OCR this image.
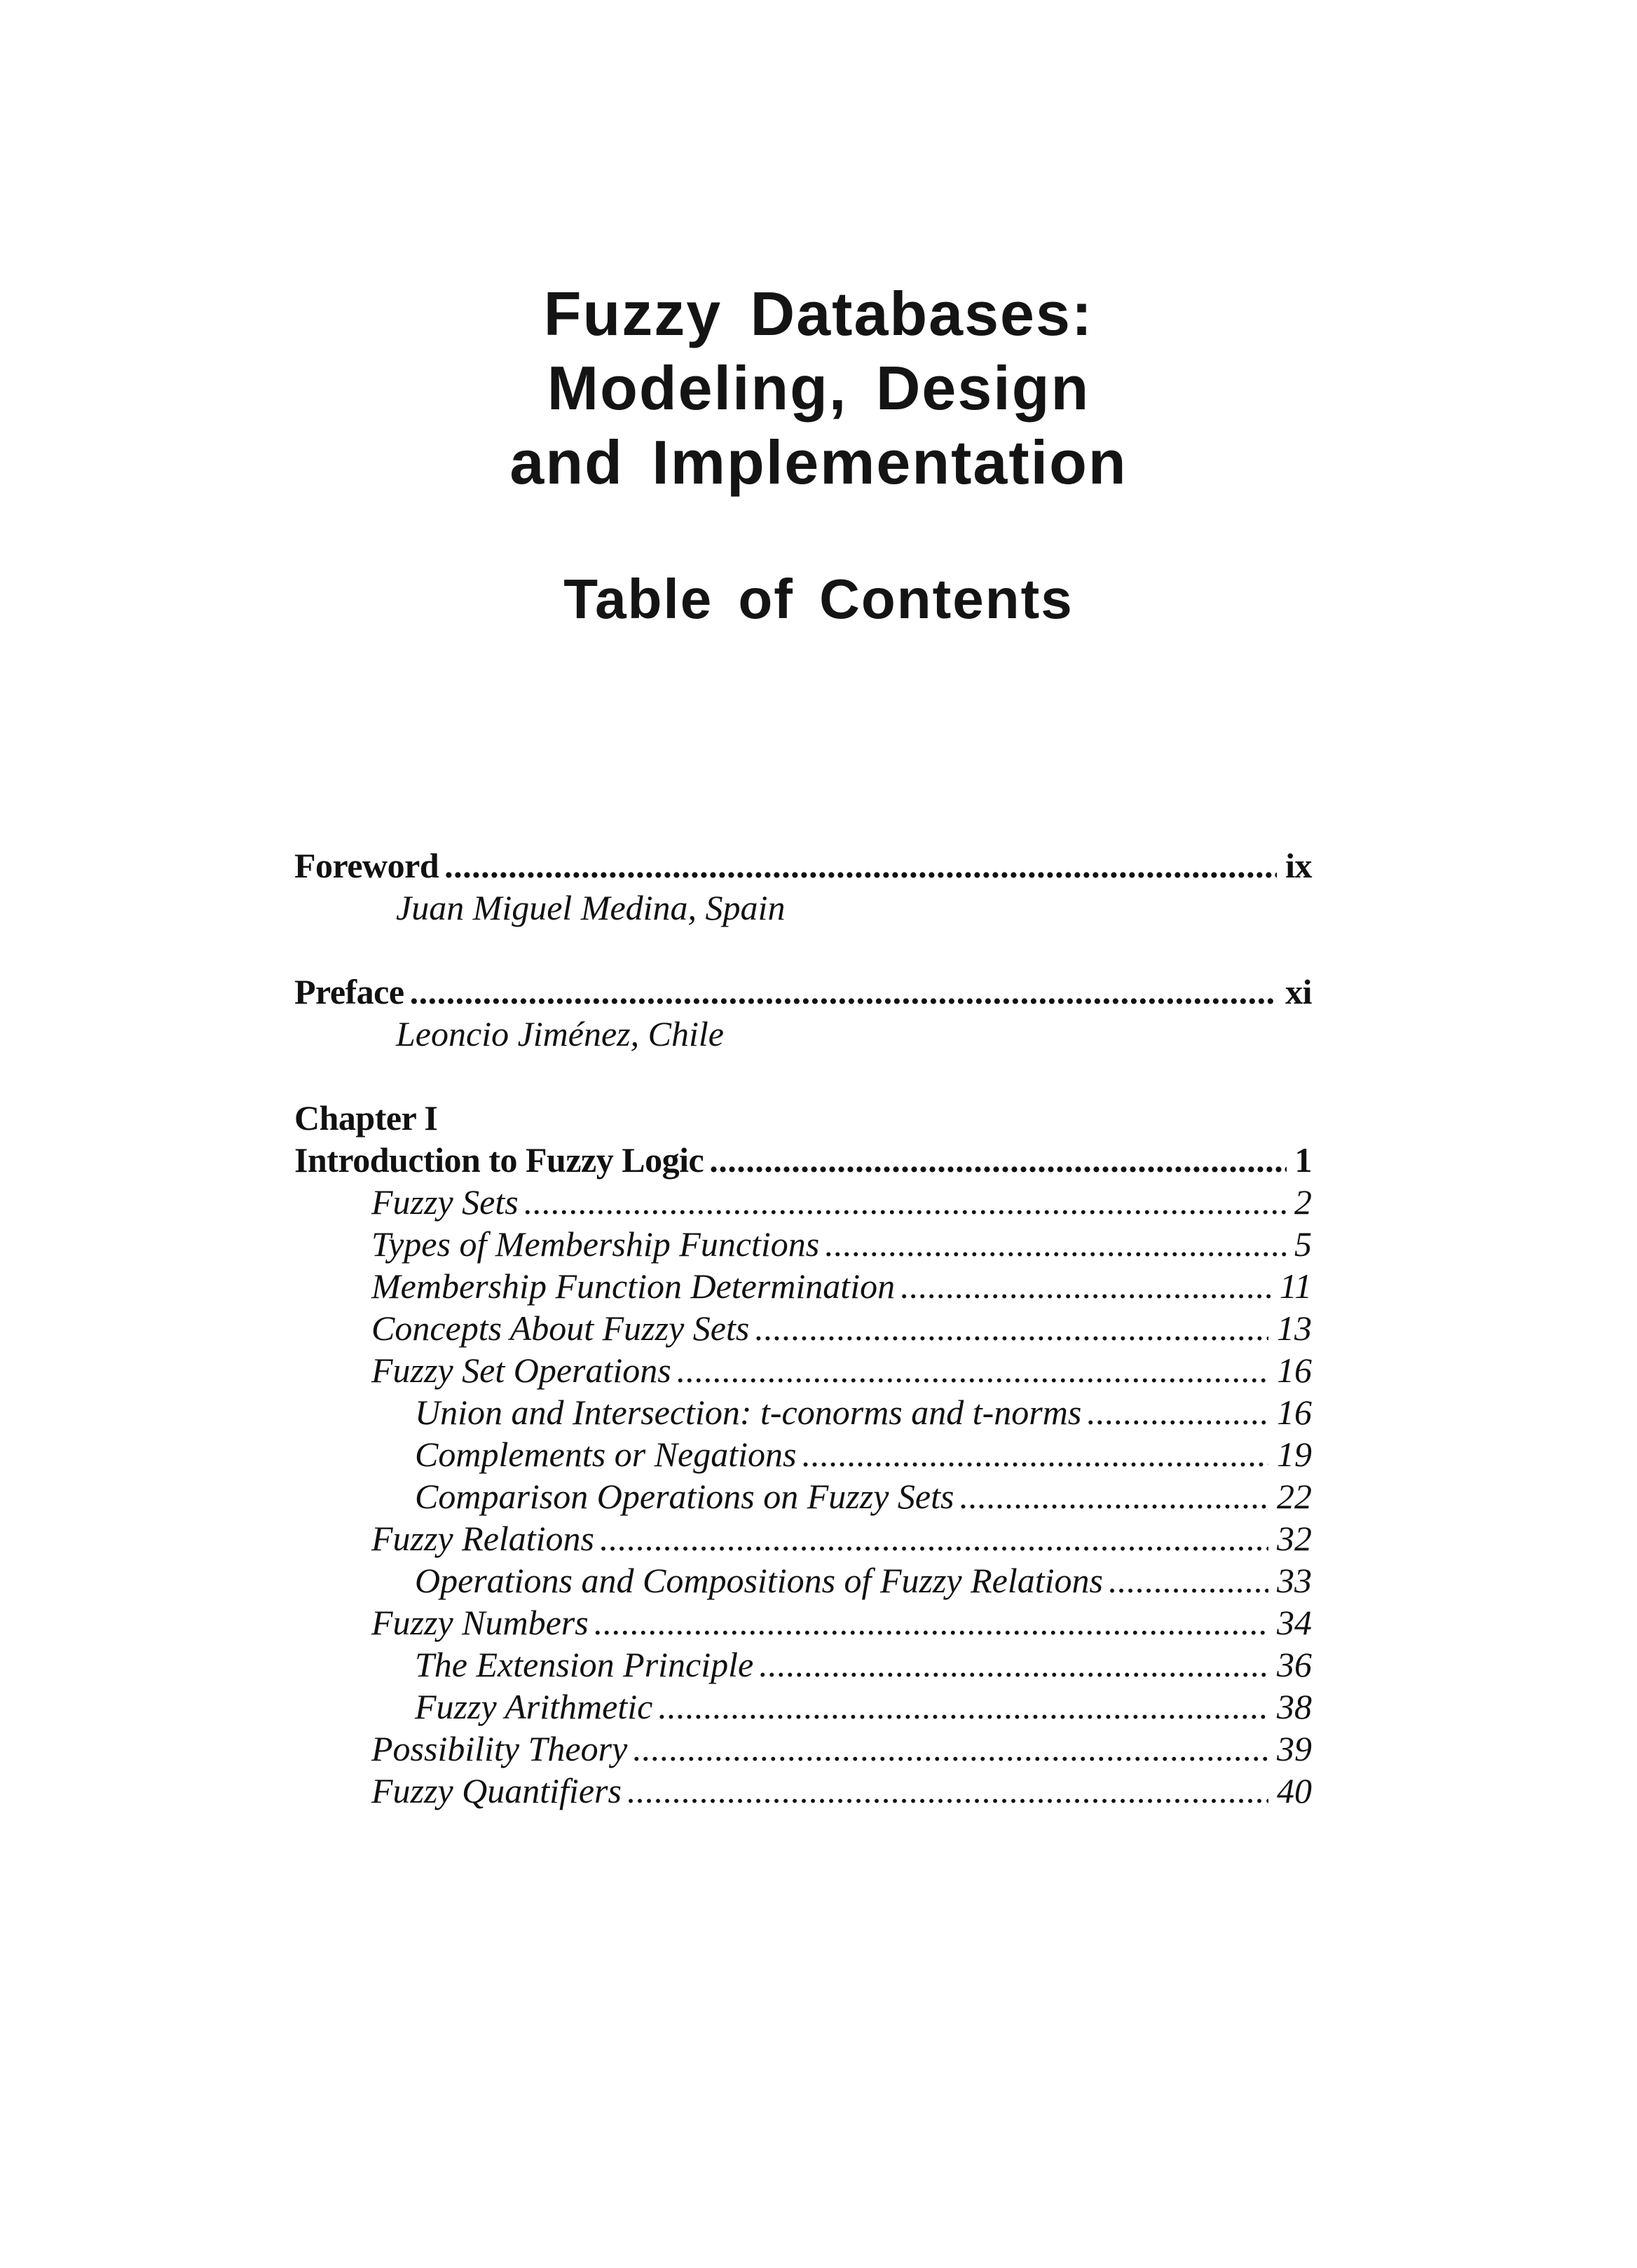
Fuzzy Databases:
Modeling, Design
and Implementation
Table of Contents
Foreword . . .	ix
Juan Miguel Medina, Spain
Preface . . .	xi
Leoncio Jiménez, Chile
Chapter I
Introduction to Fuzzy Logic . . .	1
Fuzzy Sets . . .	2
Types of Membership Functions . . .	5
Membership Function Determination . . .	11
Concepts About Fuzzy Sets . . .	13
Fuzzy Set Operations . . .	16
Union and Intersection: t-conorms and t-norms . . .	16
Complements or Negations . . .	19
Comparison Operations on Fuzzy Sets . . .	22
Fuzzy Relations . . .	32
Operations and Compositions of Fuzzy Relations . . .	33
Fuzzy Numbers . . .	34
The Extension Principle . . .	36
Fuzzy Arithmetic . . .	38
Possibility Theory . . .	39
Fuzzy Quantifiers . . .	40
